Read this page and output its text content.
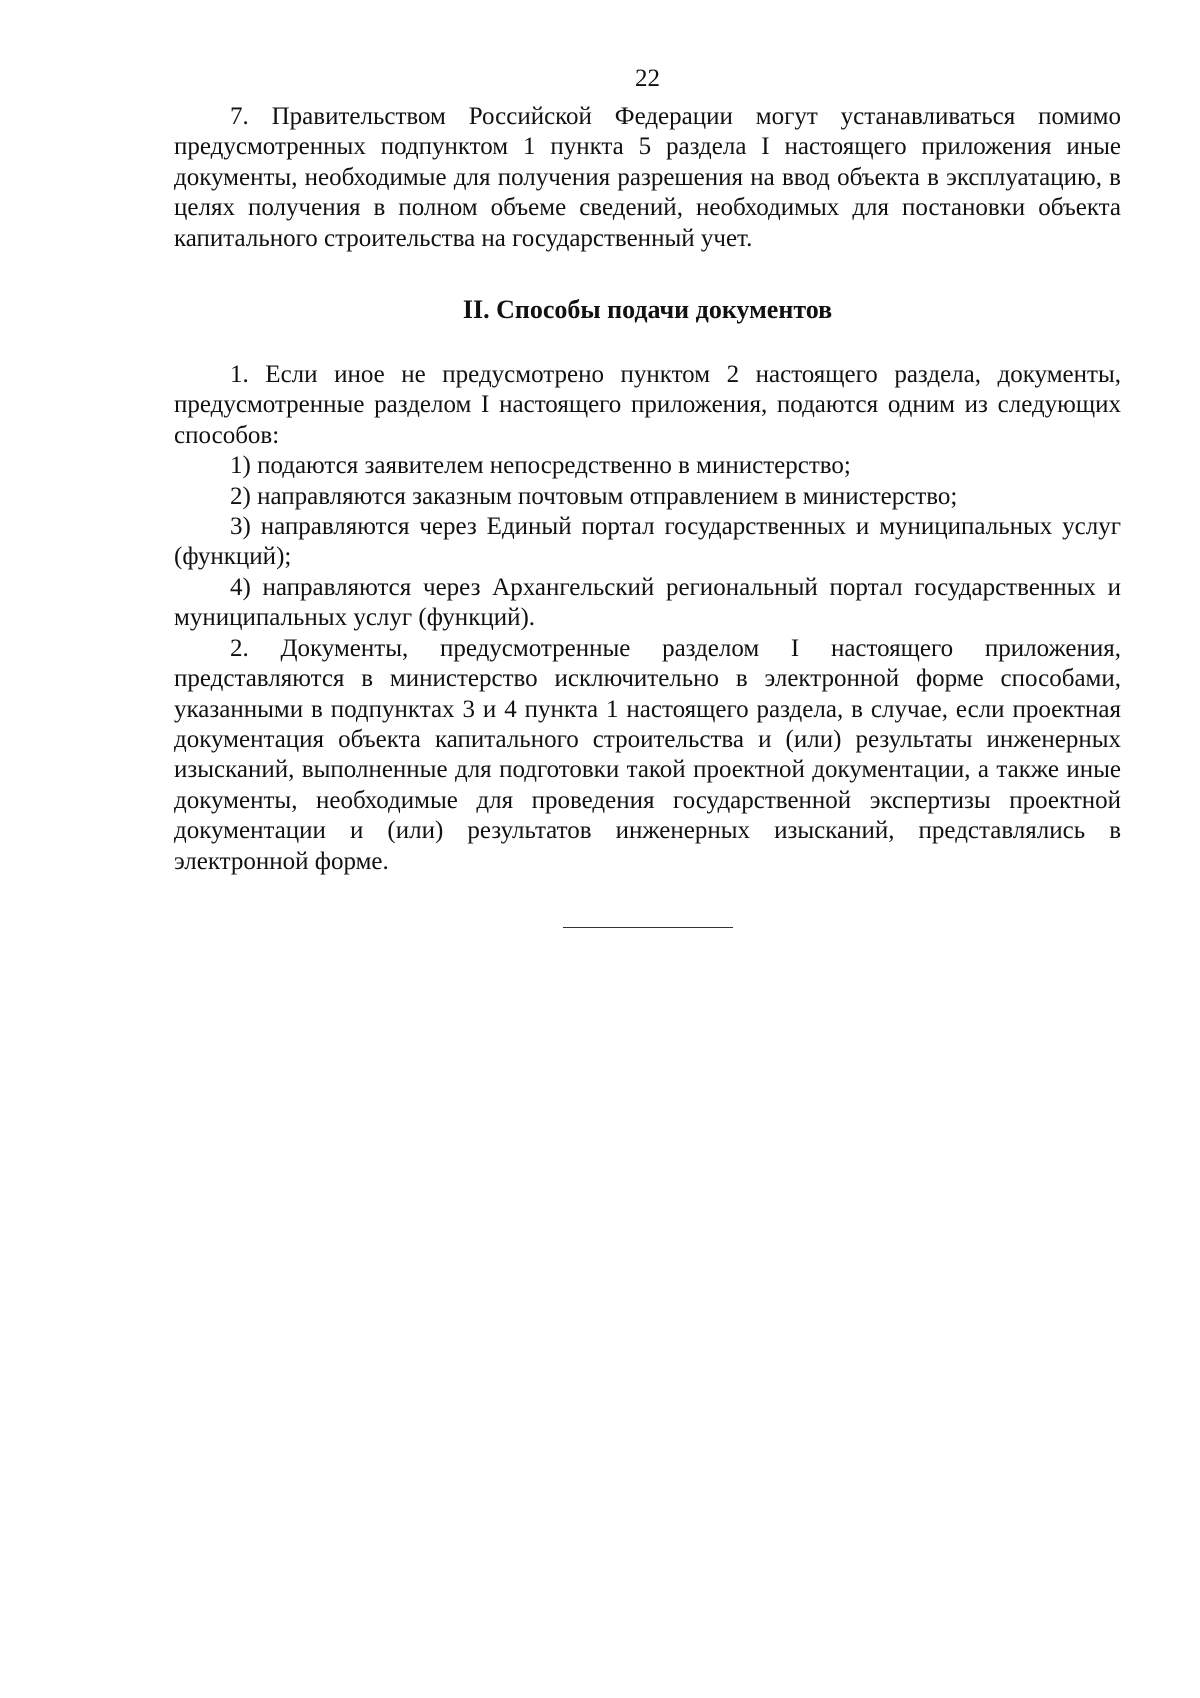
22

7. Правительством Российской Федерации могут устанавливаться помимо предусмотренных подпунктом 1 пункта 5 раздела I настоящего приложения иные документы, необходимые для получения разрешения на ввод объекта в эксплуатацию, в целях получения в полном объеме сведений, необходимых для постановки объекта капитального строительства на государственный учет.

II. Способы подачи документов

1. Если иное не предусмотрено пунктом 2 настоящего раздела, документы, предусмотренные разделом I настоящего приложения, подаются одним из следующих способов:

1) подаются заявителем непосредственно в министерство;

2) направляются заказным почтовым отправлением в министерство;

3) направляются через Единый портал государственных и муниципальных услуг (функций);

4) направляются через Архангельский региональный портал государственных и муниципальных услуг (функций).

2. Документы, предусмотренные разделом I настоящего приложения, представляются в министерство исключительно в электронной форме способами, указанными в подпунктах 3 и 4 пункта 1 настоящего раздела, в случае, если проектная документация объекта капитального строительства и (или) результаты инженерных изысканий, выполненные для подготовки такой проектной документации, а также иные документы, необходимые для проведения государственной экспертизы проектной документации и (или) результатов инженерных изысканий, представлялись в электронной форме.
